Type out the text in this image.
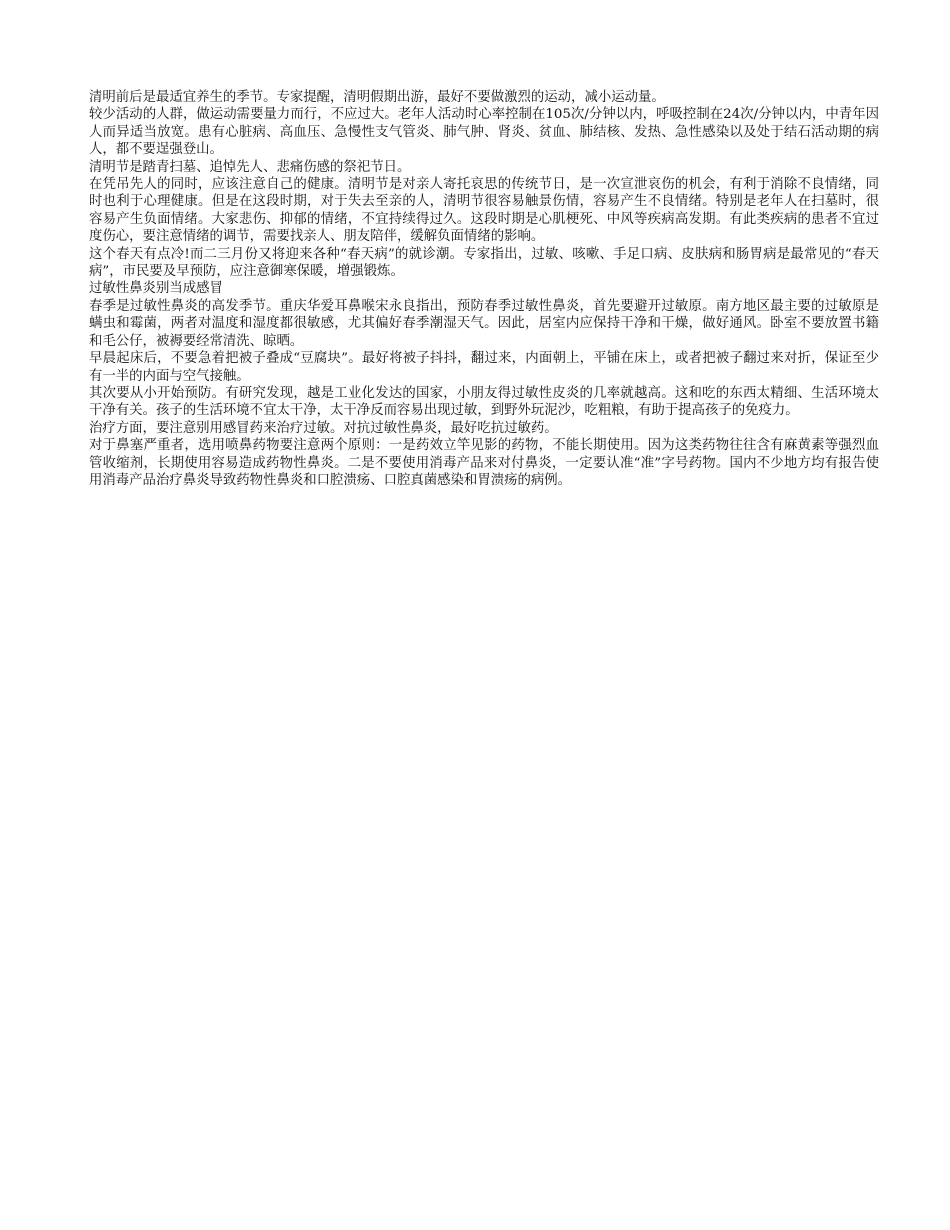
清明前后是最适宜养生的季节。专家提醒，清明假期出游，最好不要做激烈的运动，减小运动量。

较少活动的人群，做运动需要量力而行，不应过大。老年人活动时心率控制在105次/分钟以内，呼吸控制在24次/分钟以内，中青年因人而异适当放宽。患有心脏病、高血压、急慢性支气管炎、肺气肿、肾炎、贫血、肺结核、发热、急性感染以及处于结石活动期的病人，都不要逞强登山。

清明节是踏青扫墓、追悼先人、悲痛伤感的祭祀节日。

在凭吊先人的同时，应该注意自己的健康。清明节是对亲人寄托哀思的传统节日，是一次宣泄哀伤的机会，有利于消除不良情绪，同时也利于心理健康。但是在这段时期，对于失去至亲的人，清明节很容易触景伤情，容易产生不良情绪。特别是老年人在扫墓时，很容易产生负面情绪。大家悲伤、抑郁的情绪，不宜持续得过久。这段时期是心肌梗死、中风等疾病高发期。有此类疾病的患者不宜过度伤心，要注意情绪的调节，需要找亲人、朋友陪伴，缓解负面情绪的影响。

这个春天有点冷!而二三月份又将迎来各种“春天病”的就诊潮。专家指出，过敏、咳嗽、手足口病、皮肤病和肠胃病是最常见的“春天病”，市民要及早预防，应注意御寒保暖，增强锻炼。

过敏性鼻炎别当成感冒

春季是过敏性鼻炎的高发季节。重庆华爱耳鼻喉宋永良指出，预防春季过敏性鼻炎，首先要避开过敏原。南方地区最主要的过敏原是螨虫和霉菌，两者对温度和湿度都很敏感，尤其偏好春季潮湿天气。因此，居室内应保持干净和干燥，做好通风。卧室不要放置书籍和毛公仔，被褥要经常清洗、晾晒。

早晨起床后，不要急着把被子叠成“豆腐块”。最好将被子抖抖，翻过来，内面朝上，平铺在床上，或者把被子翻过来对折，保证至少有一半的内面与空气接触。

其次要从小开始预防。有研究发现，越是工业化发达的国家，小朋友得过敏性皮炎的几率就越高。这和吃的东西太精细、生活环境太干净有关。孩子的生活环境不宜太干净，太干净反而容易出现过敏，到野外玩泥沙，吃粗粮，有助于提高孩子的免疫力。

治疗方面，要注意别用感冒药来治疗过敏。对抗过敏性鼻炎，最好吃抗过敏药。

对于鼻塞严重者，选用喷鼻药物要注意两个原则：一是药效立竿见影的药物，不能长期使用。因为这类药物往往含有麻黄素等强烈血管收缩剂，长期使用容易造成药物性鼻炎。二是不要使用消毒产品来对付鼻炎，一定要认准“准”字号药物。国内不少地方均有报告使用消毒产品治疗鼻炎导致药物性鼻炎和口腔溃疡、口腔真菌感染和胃溃疡的病例。
